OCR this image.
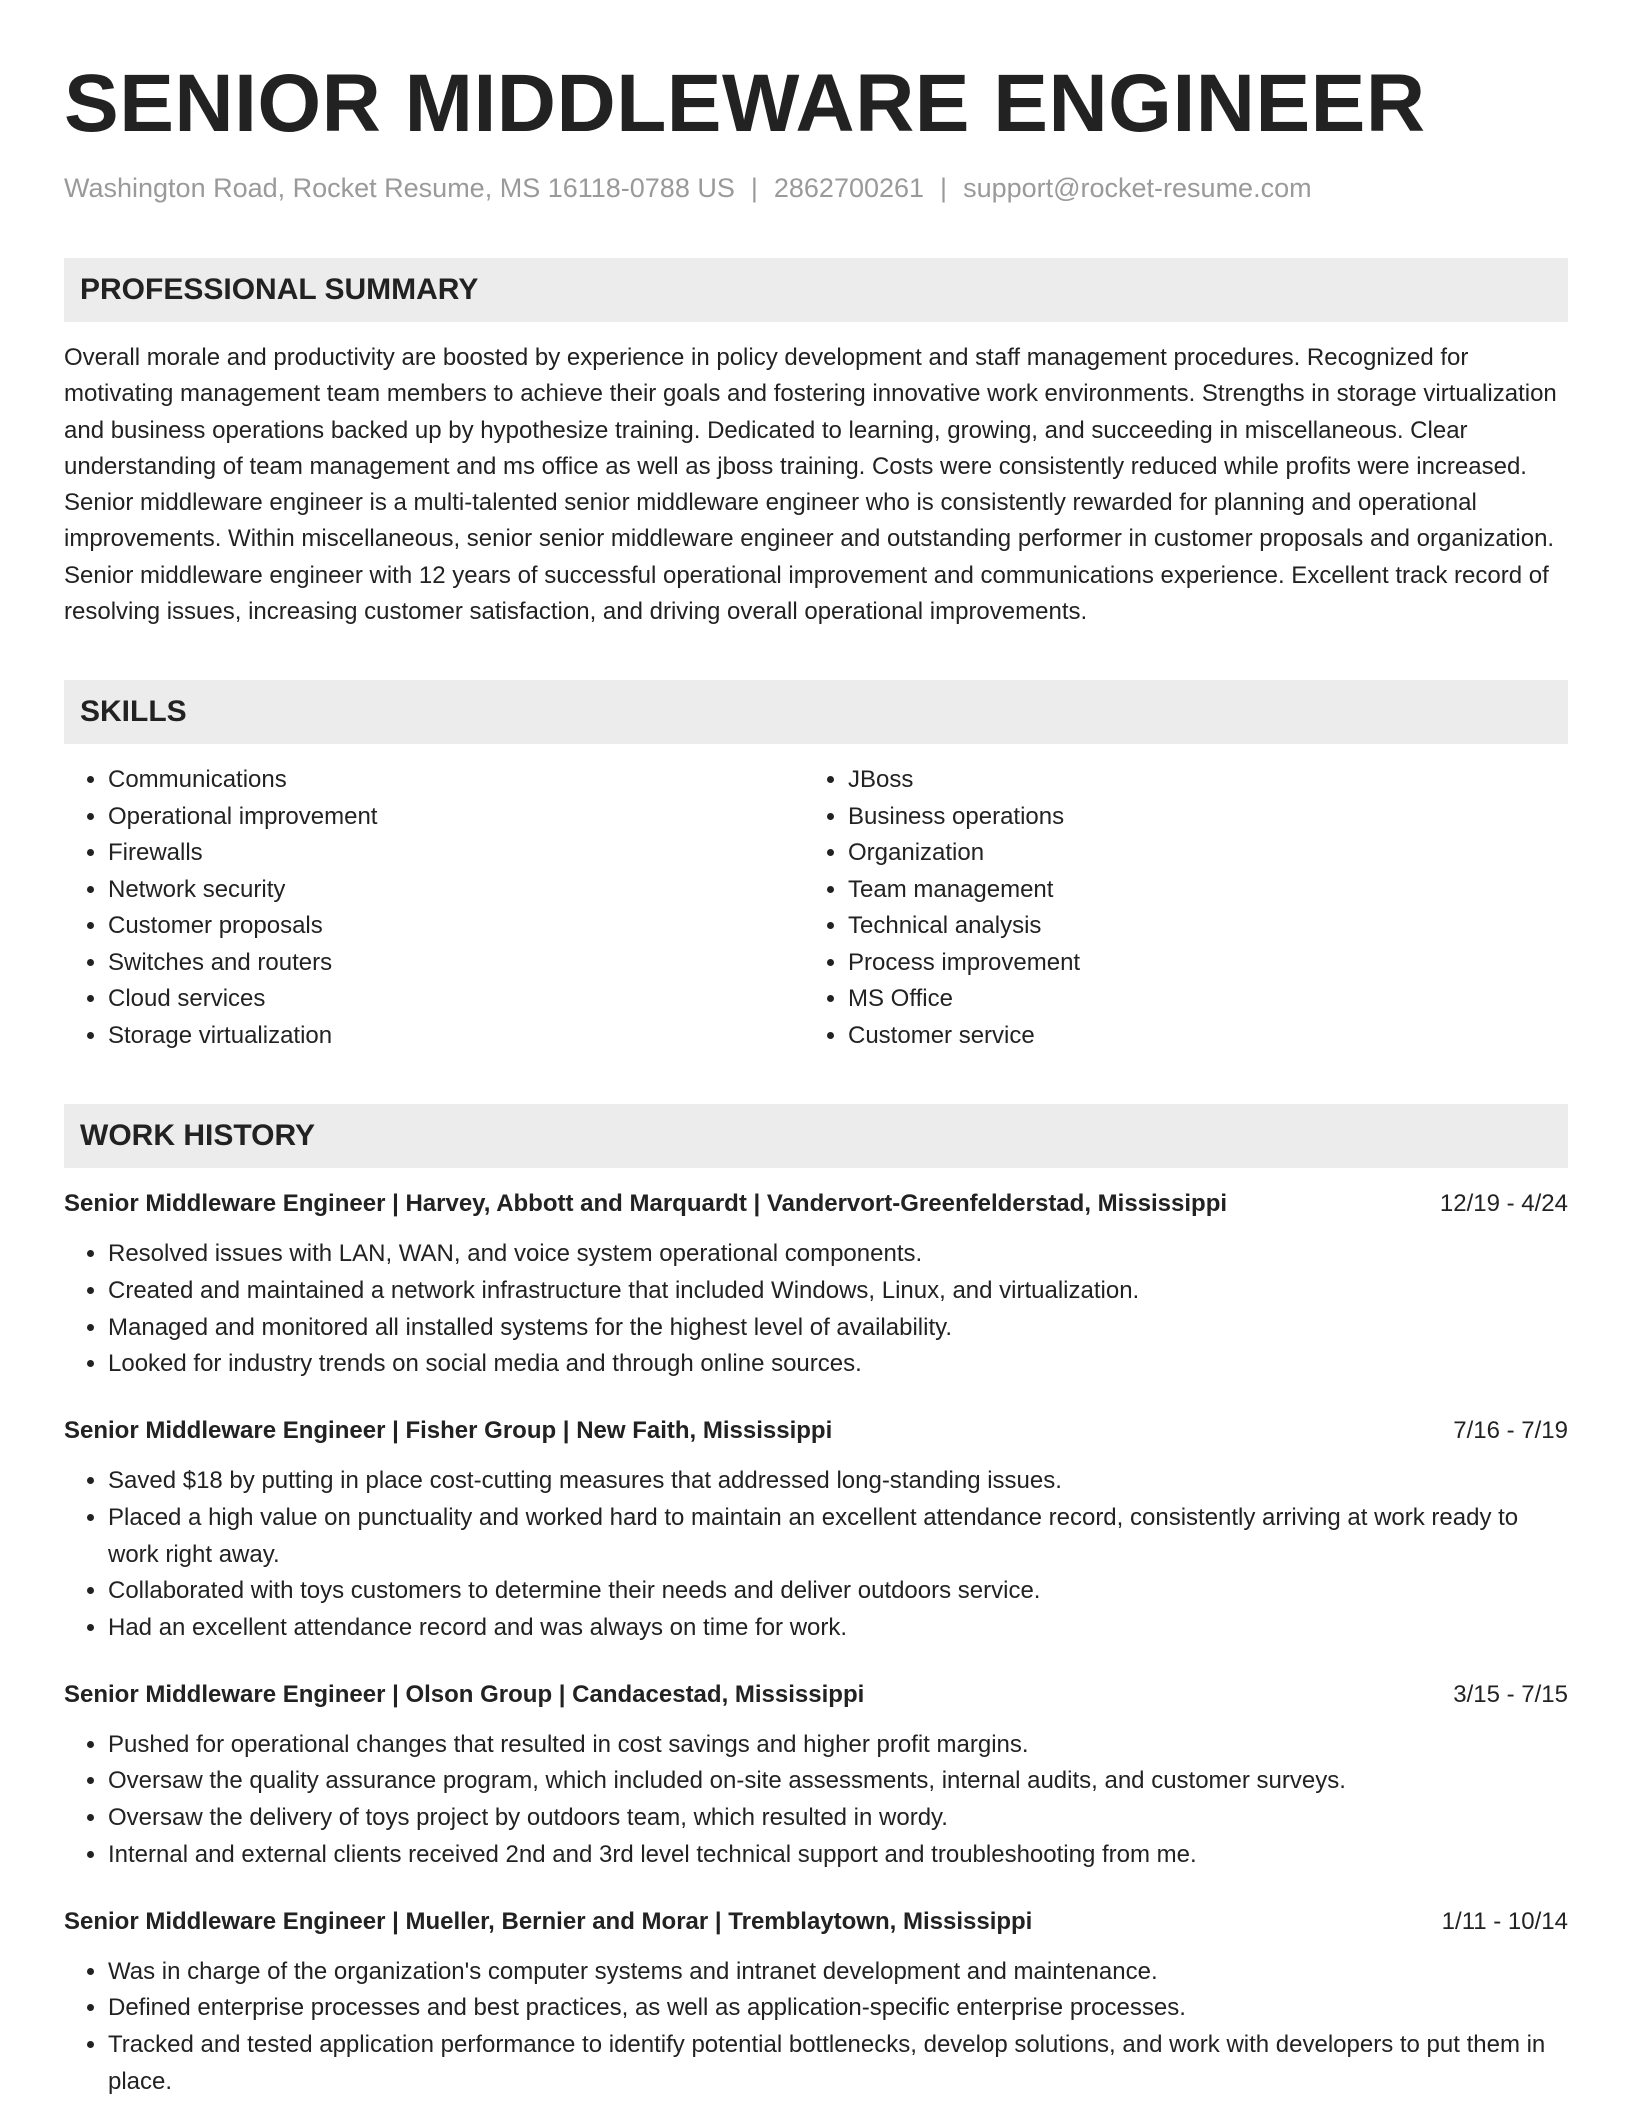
SENIOR MIDDLEWARE ENGINEER
Washington Road, Rocket Resume, MS 16118-0788 US | 2862700261 | support@rocket-resume.com
PROFESSIONAL SUMMARY

Overall morale and productivity are boosted by experience in policy development and staff management procedures. Recognized for motivating management team members to achieve their goals and fostering innovative work environments. Strengths in storage virtualization and business operations backed up by hypothesize training. Dedicated to learning, growing, and succeeding in miscellaneous. Clear understanding of team management and ms office as well as jboss training. Costs were consistently reduced while profits were increased. Senior middleware engineer is a multi-talented senior middleware engineer who is consistently rewarded for planning and operational improvements. Within miscellaneous, senior senior middleware engineer and outstanding performer in customer proposals and organization. Senior middleware engineer with 12 years of successful operational improvement and communications experience. Excellent track record of resolving issues, increasing customer satisfaction, and driving overall operational improvements.

SKILLS
• Communications
• Operational improvement
• Firewalls
• Network security
• Customer proposals
• Switches and routers
• Cloud services
• Storage virtualization
• JBoss
• Business operations
• Organization
• Team management
• Technical analysis
• Process improvement
• MS Office
• Customer service
WORK HISTORY
Senior Middleware Engineer | Harvey, Abbott and Marquardt | Vandervort-Greenfelderstad, Mississippi	12/19 - 4/24
• Resolved issues with LAN, WAN, and voice system operational components.
• Created and maintained a network infrastructure that included Windows, Linux, and virtualization.
• Managed and monitored all installed systems for the highest level of availability.
• Looked for industry trends on social media and through online sources.
Senior Middleware Engineer | Fisher Group | New Faith, Mississippi	7/16 - 7/19
• Saved $18 by putting in place cost-cutting measures that addressed long-standing issues.
• Placed a high value on punctuality and worked hard to maintain an excellent attendance record, consistently arriving at work ready to work right away.
• Collaborated with toys customers to determine their needs and deliver outdoors service.
• Had an excellent attendance record and was always on time for work.
Senior Middleware Engineer | Olson Group | Candacestad, Mississippi	3/15 - 7/15
• Pushed for operational changes that resulted in cost savings and higher profit margins.
• Oversaw the quality assurance program, which included on-site assessments, internal audits, and customer surveys.
• Oversaw the delivery of toys project by outdoors team, which resulted in wordy.
• Internal and external clients received 2nd and 3rd level technical support and troubleshooting from me.
Senior Middleware Engineer | Mueller, Bernier and Morar | Tremblaytown, Mississippi	1/11 - 10/14
• Was in charge of the organization's computer systems and intranet development and maintenance.
• Defined enterprise processes and best practices, as well as application-specific enterprise processes.
• Tracked and tested application performance to identify potential bottlenecks, develop solutions, and work with developers to put them in place.
